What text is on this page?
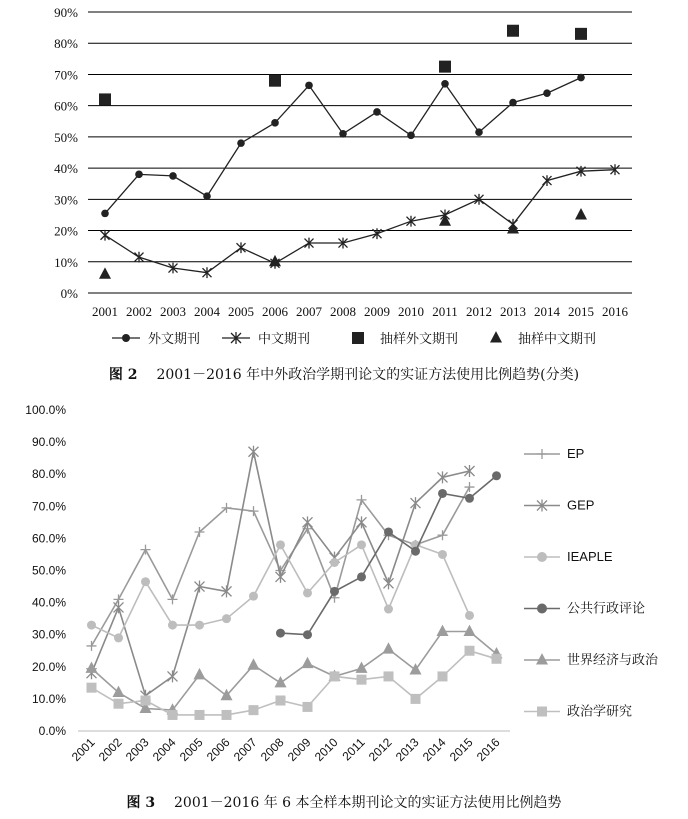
0%
10%
20%
30%
40%
50%
60%
70%
80%
90%
2001 2002 2003 2004 2005 2006 2007 2008 2009 2010 2011 2012 2013 2014 2015 2016
外文期刊	中文期刊	抽样外文期刊	抽样中文期刊
图 2 2001－2016 年中外政治学期刊论文的实证方法使用比例趋势(分类)
0.0%
10.0%
20.0%
30.0%
40.0%
50.0%
60.0%
70.0%
80.0%
90.0%
100.0%
2001
2002
2003
2004
2005
2006
2007
2008
2009
2010
2011
2012
2013
2014
2015
2016
EP
GEP
IEAPLE
公共行政评论
世界经济与政治
政治学研究
图 3 2001－2016 年 6 本全样本期刊论文的实证方法使用比例趋势
